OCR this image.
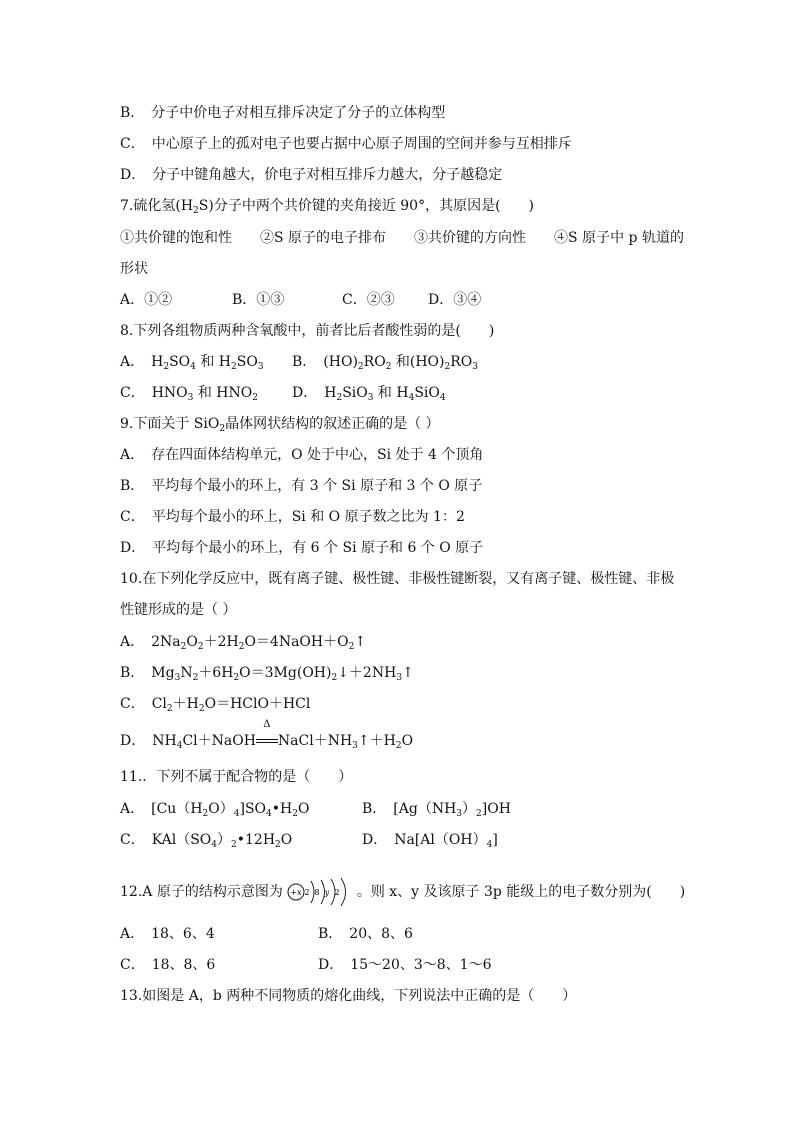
B．　分子中价电子对相互排斥决定了分子的立体构型
C．　中心原子上的孤对电子也要占据中心原子周围的空间并参与互相排斥
D．　分子中键角越大，价电子对相互排斥力越大，分子越稳定
7.硫化氢$(H_2S)$分子中两个共价键的夹角接近 90°，其原因是(　　)
①共价键的饱和性　　②S 原子的电子排布　　③共价键的方向性　　④S 原子中 p 轨道的
形状
A．①②	B．①③	C．②③ D．③④
8.下列各组物质两种含氧酸中，前者比后者酸性弱的是(　　)
A．　$H_2SO_4$ 和 $H_2SO_3$ B．　$(HO)_2RO_2$ 和$(HO)_2RO_3$
C．　$HNO_3$ 和 $HNO_2$ D．　$H_2SiO_3$ 和 $H_4SiO_4$
9.下面关于 SiO$_2$晶体网状结构的叙述正确的是（ ）
A．　存在四面体结构单元，O 处于中心，Si 处于 4 个顶角
B．　平均每个最小的环上，有 3 个 Si 原子和 3 个 O 原子
C．　平均每个最小的环上，Si 和 O 原子数之比为 1：2
D．　平均每个最小的环上，有 6 个 Si 原子和 6 个 O 原子
10.在下列化学反应中，既有离子键、极性键、非极性键断裂，又有离子键、极性键、非极
性键形成的是（ ）
A．　$2Na_2O_2+2H_2O=4NaOH+O_2↑$
B．　$Mg_3N_2+6H_2O=3Mg(OH)_2↓+2NH_3↑$
C．　$Cl_2+H_2O=HClO+HCl$
D．　$NH_4Cl+NaOH$
Δ
$NaCl+NH_3↑+H_2O$
11.．下列不属于配合物的是（　　）
A．　$[Cu(H_2O)_4]SO_4•H_2O$	B．　$[Ag(NH_3)_2]OH$
C．　$KAl(SO_4)_2•12H_2O$	D．　$Na[Al(OH)_4]$
12.A 原子的结构示意图为 +x 2 8 y 2 。则 x、y 及该原子 3p 能级上的电子数分别为(　　)
A．　18、6、4	B．　20、8、6
C．　18、8、6	D．　15～20、3～8、1～6
13.如图是 A，b 两种不同物质的熔化曲线，下列说法中正确的是（　　）
